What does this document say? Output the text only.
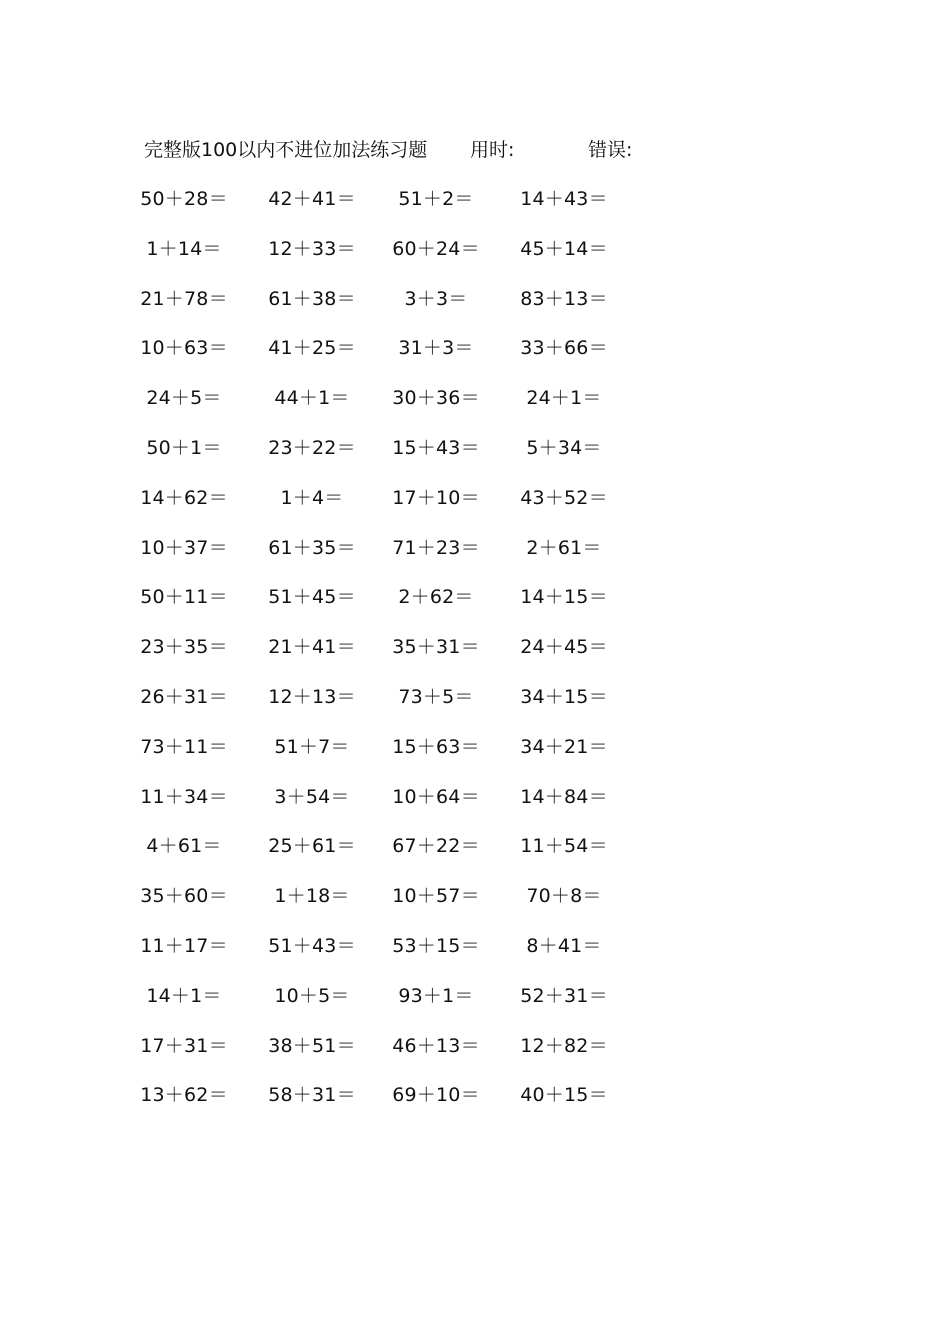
完整版100以内不进位加法练习题 用时:	错误:
50＋28＝	42＋41＝	51＋2＝	14＋43＝
1＋14＝	12＋33＝	60＋24＝	45＋14＝
21＋78＝	61＋38＝	3＋3＝	83＋13＝
10＋63＝	41＋25＝	31＋3＝	33＋66＝
24＋5＝	44＋1＝	30＋36＝	24＋1＝
50＋1＝	23＋22＝	15＋43＝	5＋34＝
14＋62＝	1＋4＝	17＋10＝	43＋52＝
10＋37＝	61＋35＝	71＋23＝	2＋61＝
50＋11＝	51＋45＝	2＋62＝	14＋15＝
23＋35＝	21＋41＝	35＋31＝	24＋45＝
26＋31＝	12＋13＝	73＋5＝	34＋15＝
73＋11＝	51＋7＝	15＋63＝	34＋21＝
11＋34＝	3＋54＝	10＋64＝	14＋84＝
4＋61＝	25＋61＝	67＋22＝	11＋54＝
35＋60＝	1＋18＝	10＋57＝	70＋8＝
11＋17＝	51＋43＝	53＋15＝	8＋41＝
14＋1＝	10＋5＝	93＋1＝	52＋31＝
17＋31＝	38＋51＝	46＋13＝	12＋82＝
13＋62＝	58＋31＝	69＋10＝	40＋15＝
